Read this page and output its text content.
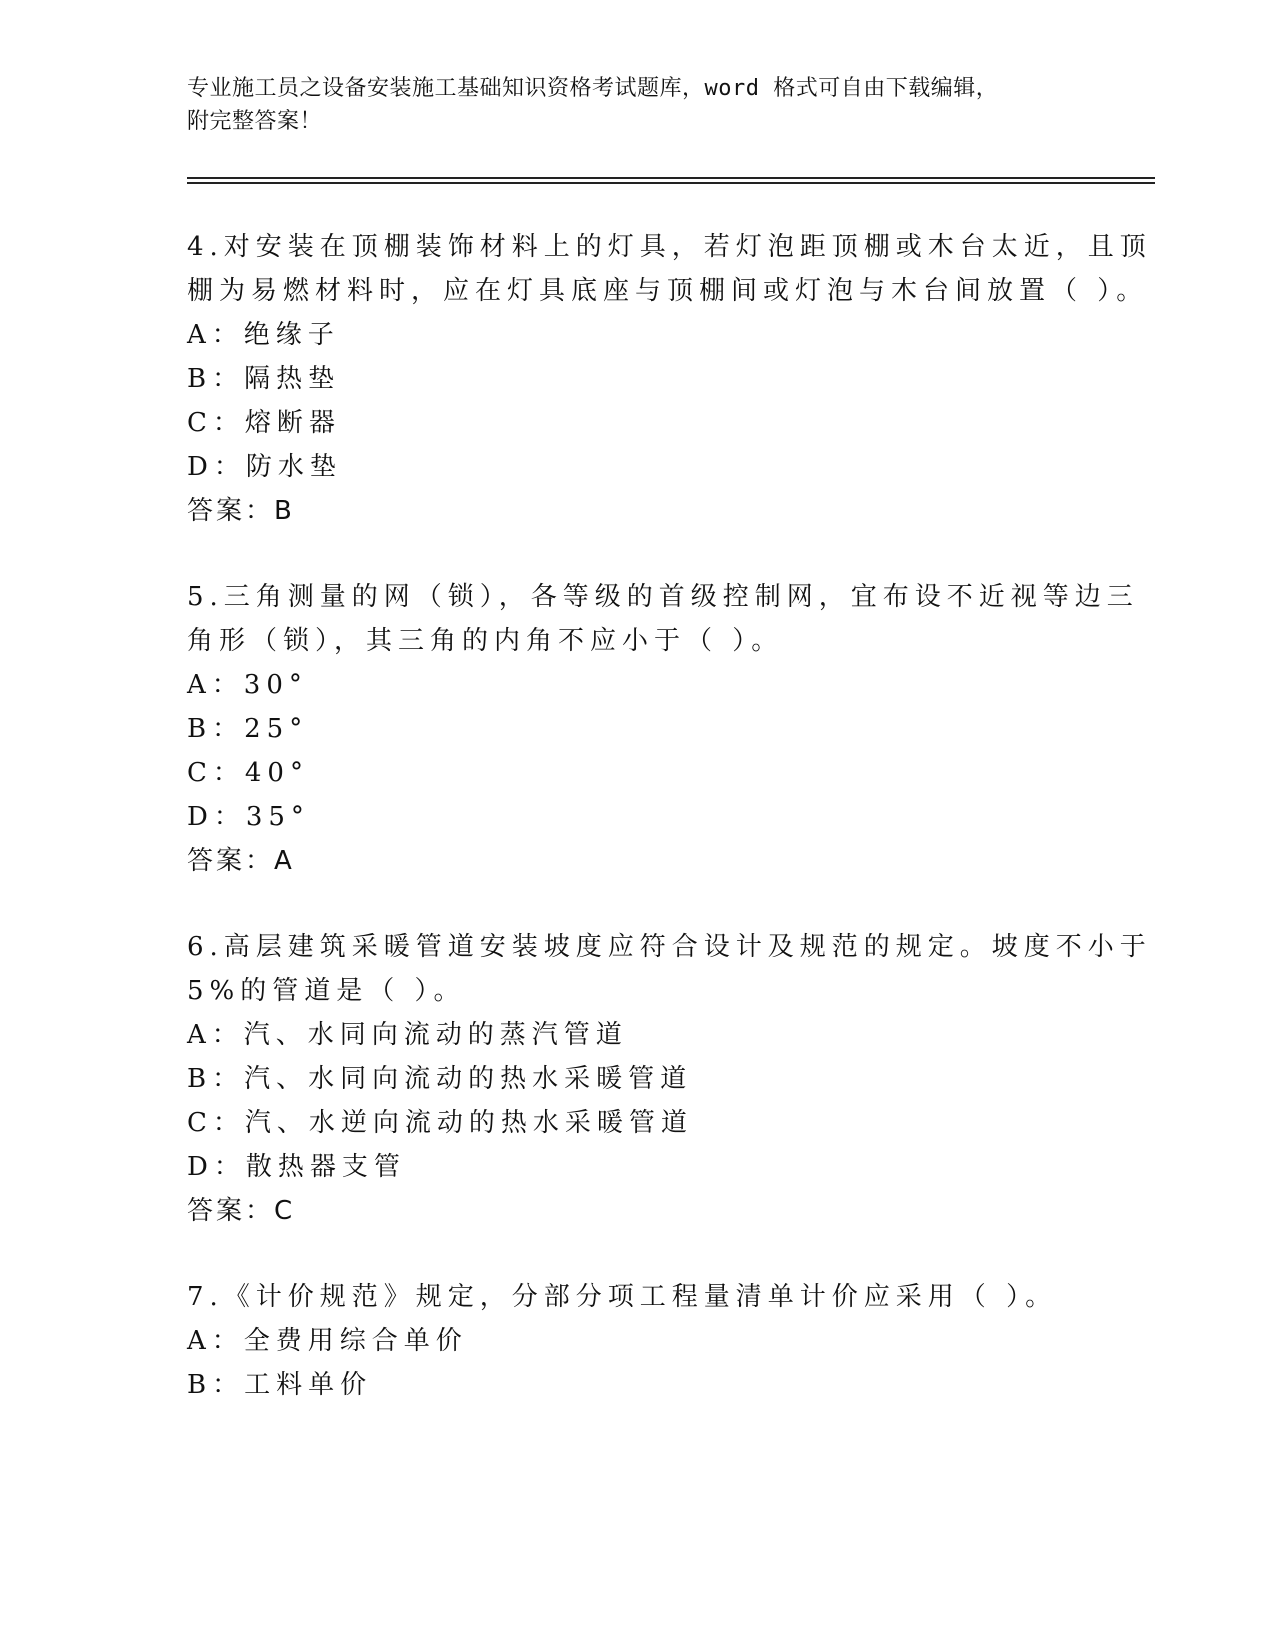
专业施工员之设备安装施工基础知识资格考试题库，word 格式可自由下载编辑，
附完整答案！
4.对安装在顶棚装饰材料上的灯具，若灯泡距顶棚或木台太近，且顶
棚为易燃材料时，应在灯具底座与顶棚间或灯泡与木台间放置（ ）。
A：绝缘子
B：隔热垫
C：熔断器
D：防水垫
答案：B
5.三角测量的网（锁），各等级的首级控制网，宜布设不近视等边三
角形（锁），其三角的内角不应小于（ ）。
A：30°
B：25°
C：40°
D：35°
答案：A
6.高层建筑采暖管道安装坡度应符合设计及规范的规定。坡度不小于
5%的管道是（ ）。
A：汽、水同向流动的蒸汽管道
B：汽、水同向流动的热水采暖管道
C：汽、水逆向流动的热水采暖管道
D：散热器支管
答案：C
7.《计价规范》规定，分部分项工程量清单计价应采用（ ）。
A：全费用综合单价
B：工料单价
